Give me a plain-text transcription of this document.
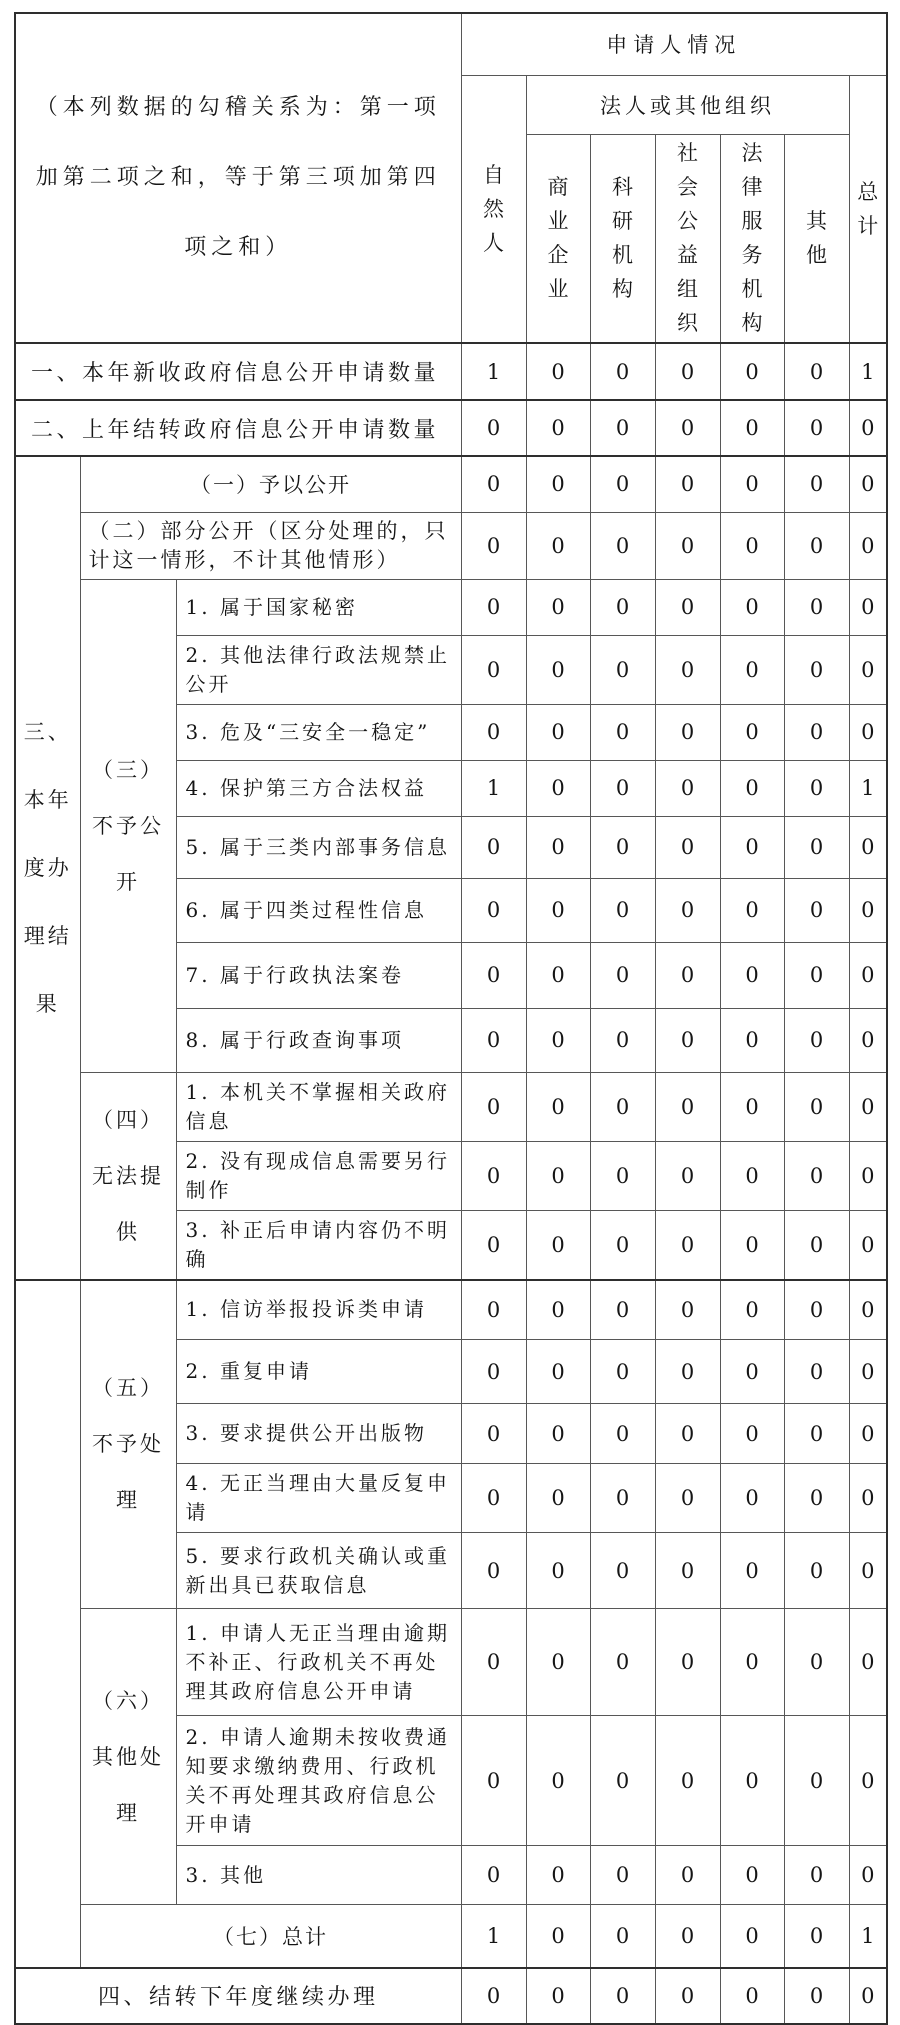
（本列数据的勾稽关系为：第一项加第二项之和，等于第三项加第四项之和）			申请人情况						

			自然人	法人或其他组织					总计

				商业企业	科研机构	社会公益组织	法律服务机构	其他	

一、本年新收政府信息公开申请数量			1	0	0	0	0	0	1
二、上年结转政府信息公开申请数量			0	0	0	0	0	0	0

三、本年度办理结果	（一）予以公开		0	0	0	0	0	0	0
	（二）部分公开（区分处理的，只计这一情形，不计其他情形）		0	0	0	0	0	0	0
	（三）不予公开	1. 属于国家秘密	0	0	0	0	0	0	0
		2. 其他法律行政法规禁止公开	0	0	0	0	0	0	0
		3. 危及“三安全一稳定”	0	0	0	0	0	0	0
		4. 保护第三方合法权益	1	0	0	0	0	0	1
		5. 属于三类内部事务信息	0	0	0	0	0	0	0
		6. 属于四类过程性信息	0	0	0	0	0	0	0
		7. 属于行政执法案卷	0	0	0	0	0	0	0
		8. 属于行政查询事项	0	0	0	0	0	0	0
	（四）无法提供	1. 本机关不掌握相关政府信息	0	0	0	0	0	0	0
		2. 没有现成信息需要另行制作	0	0	0	0	0	0	0
		3. 补正后申请内容仍不明确	0	0	0	0	0	0	0
	（五）不予处理	1. 信访举报投诉类申请	0	0	0	0	0	0	0
		2. 重复申请	0	0	0	0	0	0	0
		3. 要求提供公开出版物	0	0	0	0	0	0	0
		4. 无正当理由大量反复申请	0	0	0	0	0	0	0
		5. 要求行政机关确认或重新出具已获取信息	0	0	0	0	0	0	0
	（六）其他处理	1. 申请人无正当理由逾期不补正、行政机关不再处理其政府信息公开申请	0	0	0	0	0	0	0
		2. 申请人逾期未按收费通知要求缴纳费用、行政机关不再处理其政府信息公开申请	0	0	0	0	0	0	0
		3. 其他	0	0	0	0	0	0	0
	（七）总计		1	0	0	0	0	0	1
四、结转下年度继续办理			0	0	0	0	0	0	0
